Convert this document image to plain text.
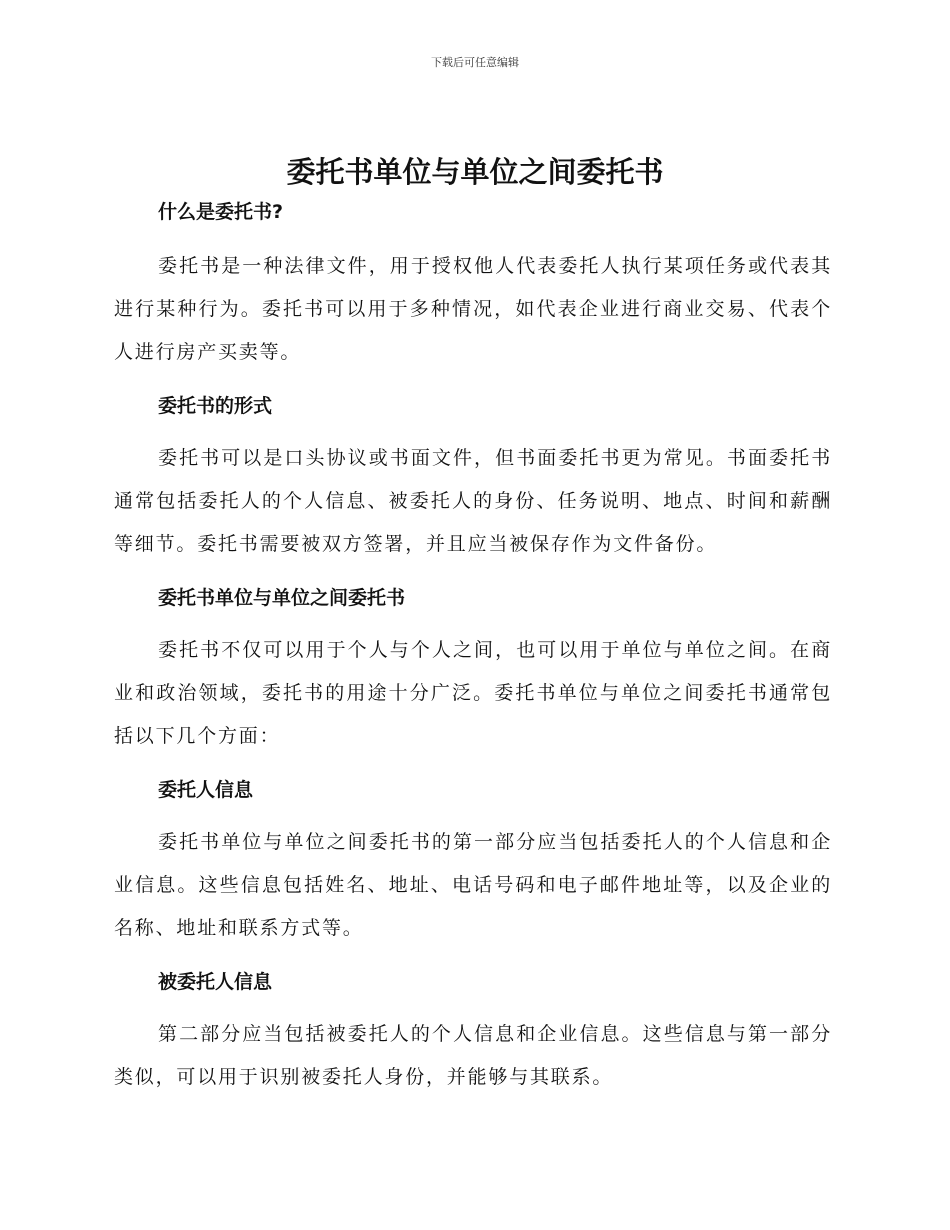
下载后可任意编辑
委托书单位与单位之间委托书

什么是委托书?

委托书是一种法律文件，用于授权他人代表委托人执行某项任务或代表其进行某种行为。委托书可以用于多种情况，如代表企业进行商业交易、代表个人进行房产买卖等。

委托书的形式

委托书可以是口头协议或书面文件，但书面委托书更为常见。书面委托书通常包括委托人的个人信息、被委托人的身份、任务说明、地点、时间和薪酬等细节。委托书需要被双方签署，并且应当被保存作为文件备份。

委托书单位与单位之间委托书

委托书不仅可以用于个人与个人之间，也可以用于单位与单位之间。在商业和政治领域，委托书的用途十分广泛。委托书单位与单位之间委托书通常包括以下几个方面：

委托人信息

委托书单位与单位之间委托书的第一部分应当包括委托人的个人信息和企业信息。这些信息包括姓名、地址、电话号码和电子邮件地址等，以及企业的名称、地址和联系方式等。

被委托人信息

第二部分应当包括被委托人的个人信息和企业信息。这些信息与第一部分类似，可以用于识别被委托人身份，并能够与其联系。
